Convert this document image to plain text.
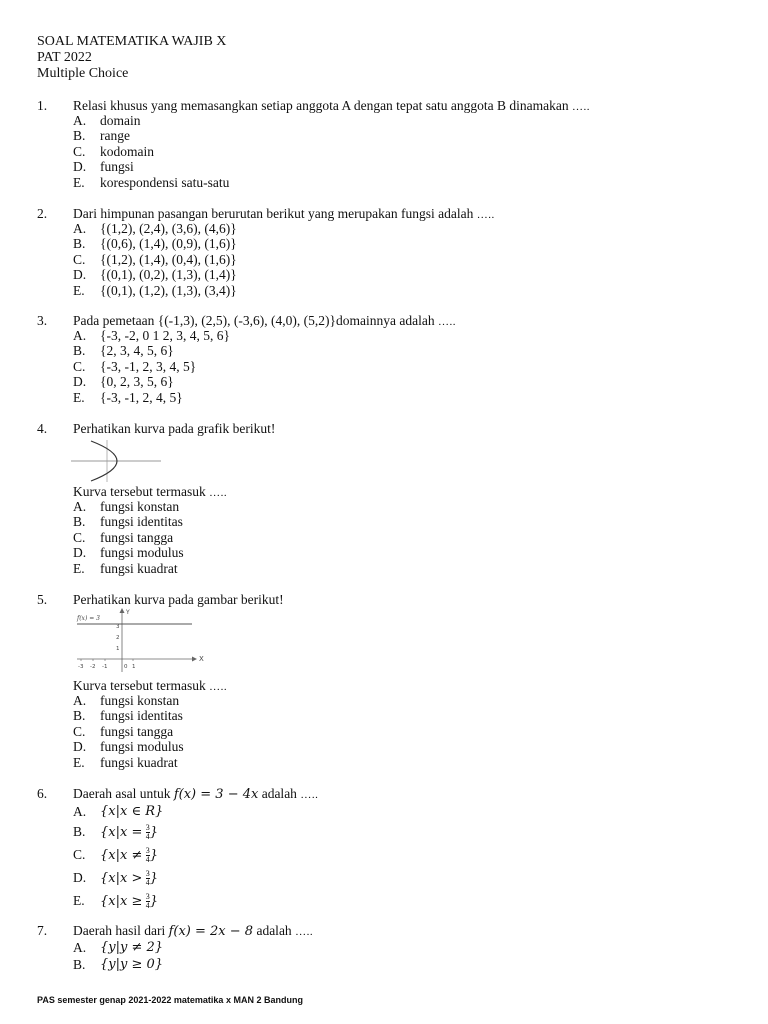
SOAL MATEMATIKA WAJIB X
PAT 2022
Multiple Choice
1. Relasi khusus yang memasangkan setiap anggota A dengan tepat satu anggota B dinamakan …..
A. domain
B. range
C. kodomain
D. fungsi
E. korespondensi satu-satu
2. Dari himpunan pasangan berurutan berikut yang merupakan fungsi adalah …..
A. {(1,2), (2,4), (3,6), (4,6)}
B. {(0,6), (1,4), (0,9), (1,6)}
C. {(1,2), (1,4), (0,4), (1,6)}
D. {(0,1), (0,2), (1,3), (1,4)}
E. {(0,1), (1,2), (1,3), (3,4)}
3. Pada pemetaan {(-1,3), (2,5), (-3,6), (4,0), (5,2)}domainnya adalah …..
A. {-3, -2, 0 1 2, 3, 4, 5, 6}
B. {2, 3, 4, 5, 6}
C. {-3, -1, 2, 3, 4, 5}
D. {0, 2, 3, 5, 6}
E. {-3, -1, 2, 4, 5}
4. Perhatikan kurva pada grafik berikut!
Kurva tersebut termasuk …..
A. fungsi konstan
B. fungsi identitas
C. fungsi tangga
D. fungsi modulus
E. fungsi kuadrat
5. Perhatikan kurva pada gambar berikut!
f(x) = 3
Y
X
3
2
1
-3 -2 -1	0 1
Kurva tersebut termasuk …..
A. fungsi konstan
B. fungsi identitas
C. fungsi tangga
D. fungsi modulus
E. fungsi kuadrat
6. Daerah asal untuk f(x) = 3 − 4x adalah …..
A. {x|x ∈ R}
B. {$x|x = \frac{3}{4}$ }
C. {$x|x \ne \frac{3}{4}$ }
D. {$x|x > \frac{3}{4}$ }
E. {$x|x \ge \frac{3}{4}$ }
7. Daerah hasil dari f(x) = 2x − 8 adalah …..
A. {y|y ≠ 2}
B. {y|y ≥ 0}
PAS semester genap 2021-2022 matematika x MAN 2 Bandung
